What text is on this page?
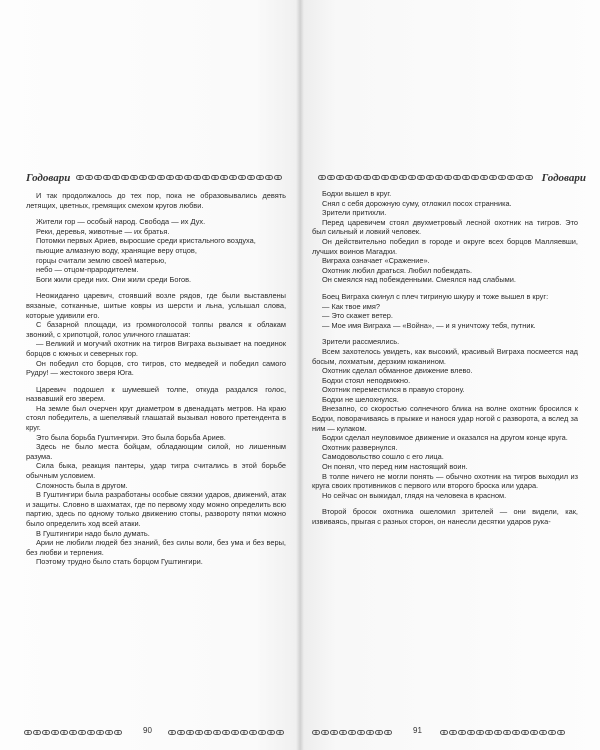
Годовари

И так продолжалось до тех пор, пока не образовывались девять летящих, цветных, гремящих смехом кругов любви.

Жители гор — особый народ. Свобода — их Дух.

Реки, деревья, животные — их братья.

Потомки первых Ариев, выросшие среди кристального воздуха,

пьющие алмазную воду, хранящие веру отцов,

горцы считали землю своей матерью,

небо — отцом-прародителем.

Боги жили среди них. Они жили среди Богов.

Неожиданно царевич, стоявший возле рядов, где были выставлены вязаные, сотканные, шитые ковры из шерсти и льна, услышал слова, которые удивили его.

С базарной площади, из громкоголосой толпы рвался к облакам звонкий, с хрипотцой, голос уличного глашатая:

— Великий и могучий охотник на тигров Виграха вызывает на поединок борцов с южных и северных гор.

Он победил сто борцов, сто тигров, сто медведей и победил самого Рудру! — жестокого зверя Юга.

Царевич подошел к шумевшей толпе, откуда раздался голос, назвавший его зверем.

На земле был очерчен круг диаметром в двенадцать метров. На краю стоял победитель, а шепелявый глашатай вызывал нового претендента в круг.

Это была борьба Гуштингири. Это была борьба Ариев.

Здесь не было места бойцам, обладающим силой, но лишенным разума.

Сила быка, реакция пантеры, удар тигра считались в этой борьбе обычным условием.

Сложность была в другом.

В Гуштингири была разработаны особые связки ударов, движений, атак и защиты. Словно в шахматах, где по первому ходу можно определить всю партию, здесь по одному только движению стопы, развороту пятки можно было определить ход всей атаки.

В Гуштингири надо было думать.

Арии не любили людей без знаний, без силы воли, без ума и без веры, без любви и терпения.

Поэтому трудно было стать борцом Гуштингири.

90
Годовари

Бодхи вышел в круг.

Снял с себя дорожную суму, отложил посох странника.

Зрители притихли.

Перед царевичем стоял двухметровый лесной охотник на тигров. Это был сильный и ловкий человек.

Он действительно победил в городе и округе всех борцов Малляевши, лучших воинов Магадхи.

Виграха означает «Сражение».

Охотник любил драться. Любил побеждать.

Он смеялся над побежденными. Смеялся над слабыми.

Боец Виграха скинул с плеч тигриную шкуру и тоже вышел в круг:

— Как твое имя?

— Это скажет ветер.

— Мое имя Виграха — «Война», — и я уничтожу тебя, путник.

Зрители рассмеялись.

Всем захотелось увидеть, как высокий, красивый Виграха посмеется над босым, лохматым, дерзким южанином.

Охотник сделал обманное движение влево.

Бодхи стоял неподвижно.

Охотник переместился в правую сторону.

Бодхи не шелохнулся.

Внезапно, со скоростью солнечного блика на волне охотник бросился к Бодхи, поворачиваясь в прыжке и нанося удар ногой с разворота, а вслед за ним — кулаком.

Бодхи сделал неуловимое движение и оказался на другом конце круга.

Охотник развернулся.

Самодовольство сошло с его лица.

Он понял, что перед ним настоящий воин.

В толпе ничего не могли понять — обычно охотник на тигров выходил из круга своих противников с первого или второго броска или удара.

Но сейчас он выжидал, глядя на человека в красном.

Второй бросок охотника ошеломил зрителей — они видели, как, извиваясь, прыгая с разных сторон, он нанесли десятки ударов рука-

91
